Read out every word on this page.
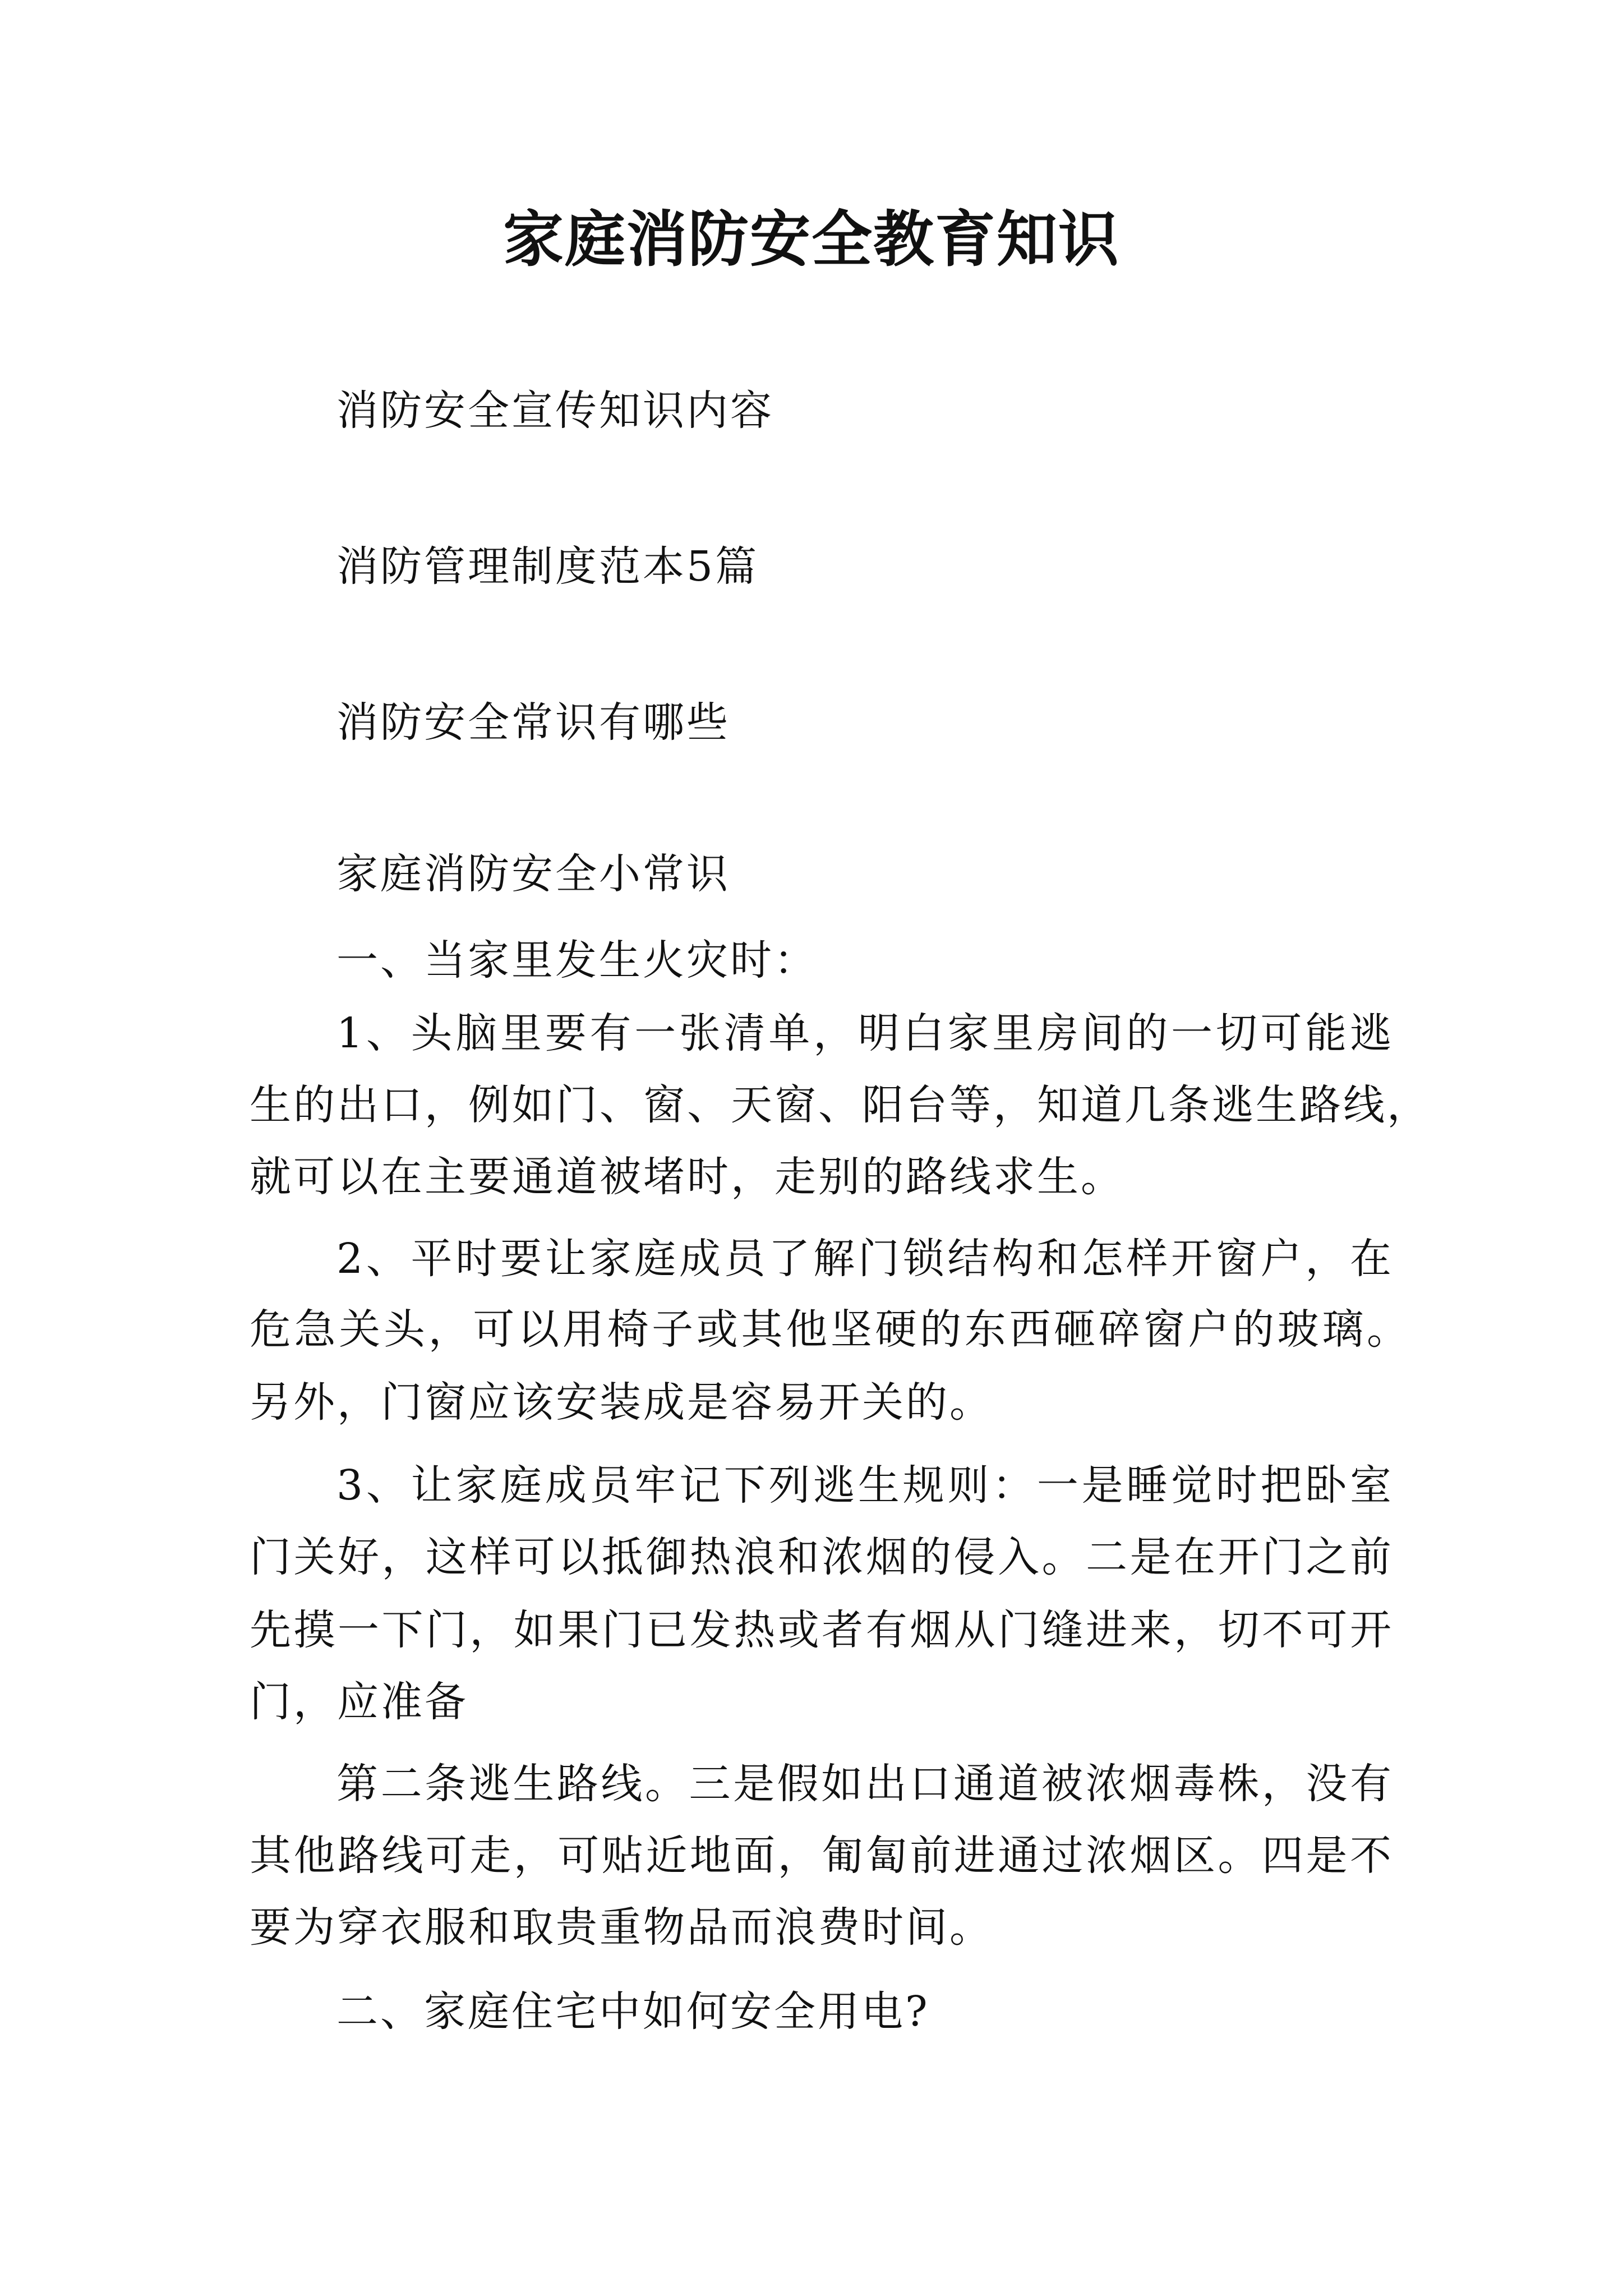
家庭消防安全教育知识

消防安全宣传知识内容

消防管理制度范本5篇

消防安全常识有哪些

家庭消防安全小常识

一、当家里发生火灾时：

1、头脑里要有一张清单，明白家里房间的一切可能逃

生的出口，例如门、窗、天窗、阳台等，知道几条逃生路线，

就可以在主要通道被堵时，走别的路线求生。

2、平时要让家庭成员了解门锁结构和怎样开窗户，在

危急关头，可以用椅子或其他坚硬的东西砸碎窗户的玻璃。

另外，门窗应该安装成是容易开关的。

3、让家庭成员牢记下列逃生规则：一是睡觉时把卧室

门关好，这样可以抵御热浪和浓烟的侵入。二是在开门之前

先摸一下门，如果门已发热或者有烟从门缝进来，切不可开

门，应准备

第二条逃生路线。三是假如出口通道被浓烟毒株，没有

其他路线可走，可贴近地面，匍匐前进通过浓烟区。四是不

要为穿衣服和取贵重物品而浪费时间。

二、家庭住宅中如何安全用电?
